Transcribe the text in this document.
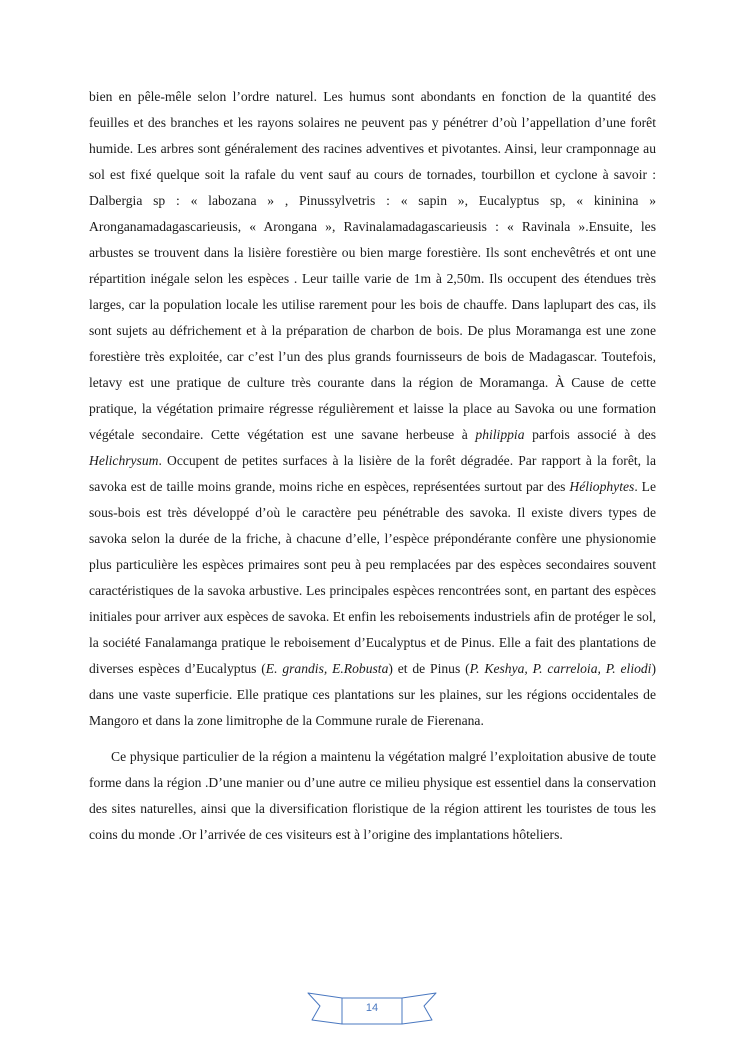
bien en pêle-mêle selon l’ordre naturel. Les humus sont abondants en fonction de la quantité des feuilles et des branches et les rayons solaires ne peuvent pas y pénétrer d’où l’appellation d’une forêt humide. Les arbres sont généralement des racines adventives et pivotantes. Ainsi, leur cramponnage au sol est fixé quelque soit la rafale du vent sauf au cours de tornades, tourbillon et cyclone à savoir : Dalbergia sp : « labozana » , Pinussylvetris : « sapin », Eucalyptus sp, « kininina » Aronganamadagascarieusis, « Arongana », Ravinalamadagascarieusis : « Ravinala ».Ensuite, les arbustes se trouvent dans la lisière forestière ou bien marge forestière. Ils sont enchevêtrés et ont une répartition inégale selon les espèces . Leur taille varie de 1m à 2,50m. Ils occupent des étendues très larges, car la population locale les utilise rarement pour les bois de chauffe. Dans laplupart des cas, ils sont sujets au défrichement et à la préparation de charbon de bois. De plus Moramanga est une zone forestière très exploitée, car c’est l’un des plus grands fournisseurs de bois de Madagascar. Toutefois, letavy est une pratique de culture très courante dans la région de Moramanga. À Cause de cette pratique, la végétation primaire régresse régulièrement et laisse la place au Savoka ou une formation végétale secondaire. Cette végétation est une savane herbeuse à philippia parfois associé à des Helichrysum. Occupent de petites surfaces à la lisière de la forêt dégradée. Par rapport à la forêt, la savoka est de taille moins grande, moins riche en espèces, représentées surtout par des Héliophytes. Le sous-bois est très développé d’où le caractère peu pénétrable des savoka. Il existe divers types de savoka selon la durée de la friche, à chacune d’elle, l’espèce prépondérante confère une physionomie plus particulière les espèces primaires sont peu à peu remplacées par des espèces secondaires souvent caractéristiques de la savoka arbustive. Les principales espèces rencontrées sont, en partant des espèces initiales pour arriver aux espèces de savoka. Et enfin les reboisements industriels afin de protéger le sol, la société Fanalamanga pratique le reboisement d’Eucalyptus et de Pinus. Elle a fait des plantations de diverses espèces d’Eucalyptus (E. grandis, E.Robusta) et de Pinus (P. Keshya, P. carreloia, P. eliodi) dans une vaste superficie. Elle pratique ces plantations sur les plaines, sur les régions occidentales de Mangoro et dans la zone limitrophe de la Commune rurale de Fierenana.

Ce physique particulier de la région a maintenu la végétation malgré l’exploitation abusive de toute forme dans la région .D’une manier ou d’une autre ce milieu physique est essentiel dans la conservation des sites naturelles, ainsi que la diversification floristique de la région attirent les touristes de tous les coins du monde .Or l’arrivée de ces visiteurs est à l’origine des implantations hôteliers.

14
